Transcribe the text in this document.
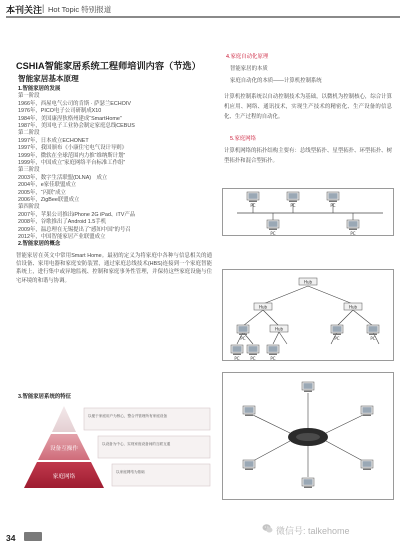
本刊关注 | Hot Topic 特别报道
CSHIA智能家居系统工程师培训内容（节选）
智能家居基本原理
1.智能家居的发展
第一阶段
1966年，西屋电气公司的肯斯 · 萨瑟兰ECHOIV
1976年，PICO电子公司研制成X10
1984年，美国康涅狄格州建成“SmartHome”
1987年，美国电子工业协会制定家庭总线CEBUS
第二阶段
1997年，日本成立ECHONET
1997年，我国颁布《小康住宅电气设计导则》
1999年，微软在全球范围内力推“维纳斯计划”
1999年，中国成立“家庭网络平台标准工作组”
第三阶段
2003年，数字生活联盟(DLNA)　成立
2004年，e家佳联盟成立
2005年，“闪联”成立
2006年，ZigBee联盟成立
第四阶段
2007年，苹果公司推出iPhone 2G iPad、iTV产品
2008年，谷歌推出了Android 1.5手机
2009年，温总理在无锡提出了“感知中国”的号召
2012年，中国智能家居产业联盟成立
2.智能家居的概念
智能家居在英文中常用Smart Home。最初的定义为将家庭中各种与信息相关的通信设备、家用电器和家庭安防装置，通过家庭总线技术(HBS)连接到一个家庭智能系统上，进行集中或异地监视、控制和家庭事务性管理，并保持这些家庭设施与住宅环境的和谐与协调。
3.智能家居系统的特征
设备互操作
家庭网络
以便于家庭用户为核心，整合并管理所有家庭设备
以设备为中心，实现家庭设备间的互联互通
以家庭网络为基础
4.家庭自动化原理
智能家居的本质
家庭自动化的本质——计算机控制系统
计算机控制系统以自动控制技术为基础，以微机为控制核心，综合计算机应用、网络、通讯技术，实现生产技术的精密化、生产设备的信息化、生产过程的自动化。
5.家庭网络
计算机网络的拓扑结构主要有：总线型拓扑、星型拓扑、环型拓扑、树型拓扑和混合型拓扑。
PC	PC	PC
PC	PC
Hub
Hub	Hub
Hub
PC	PC	PC
PC	PC	PC
34
微信号: talkehome
